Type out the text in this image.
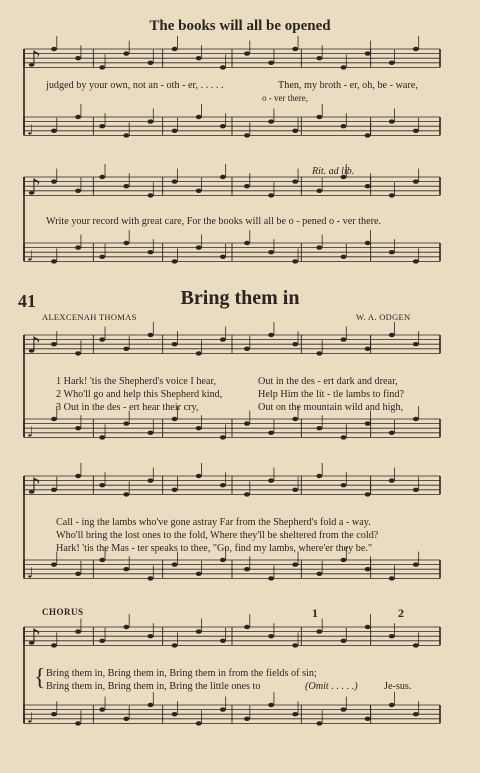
♪
♩
♪
♩
♪
♩
♪
♩
♪
♩
The books will all be opened
judged by your own, not an - oth - er, . . . . .	Then, my broth - er, oh, be - ware,
o - ver there,
Rit. ad lib.
Write your record with great care, For the books will all be o - pened o - ver there.
41	Bring them in
ALEXCENAH THOMAS	W. A. ODGEN
1 Hark! 'tis the Shepherd's voice I hear,	Out in the des - ert dark and drear,
2 Who'll go and help this Shepherd kind,	Help Him the lit - tle lambs to find?
3 Out in the des - ert hear their cry,	Out on the mountain wild and high,
Call - ing the lambs who've gone astray Far from the Shepherd's fold a - way.
Who'll bring the lost ones to the fold, Where they'll be sheltered from the cold?
Hark! 'tis the Mas - ter speaks to thee, "Go, find my lambs, where'er they be."
CHORUS	1	2
{ Bring them in, Bring them in, Bring them in from the fields of sin;
Bring them in, Bring them in, Bring the little ones to	(Omit . . . . .)	Je-sus.
